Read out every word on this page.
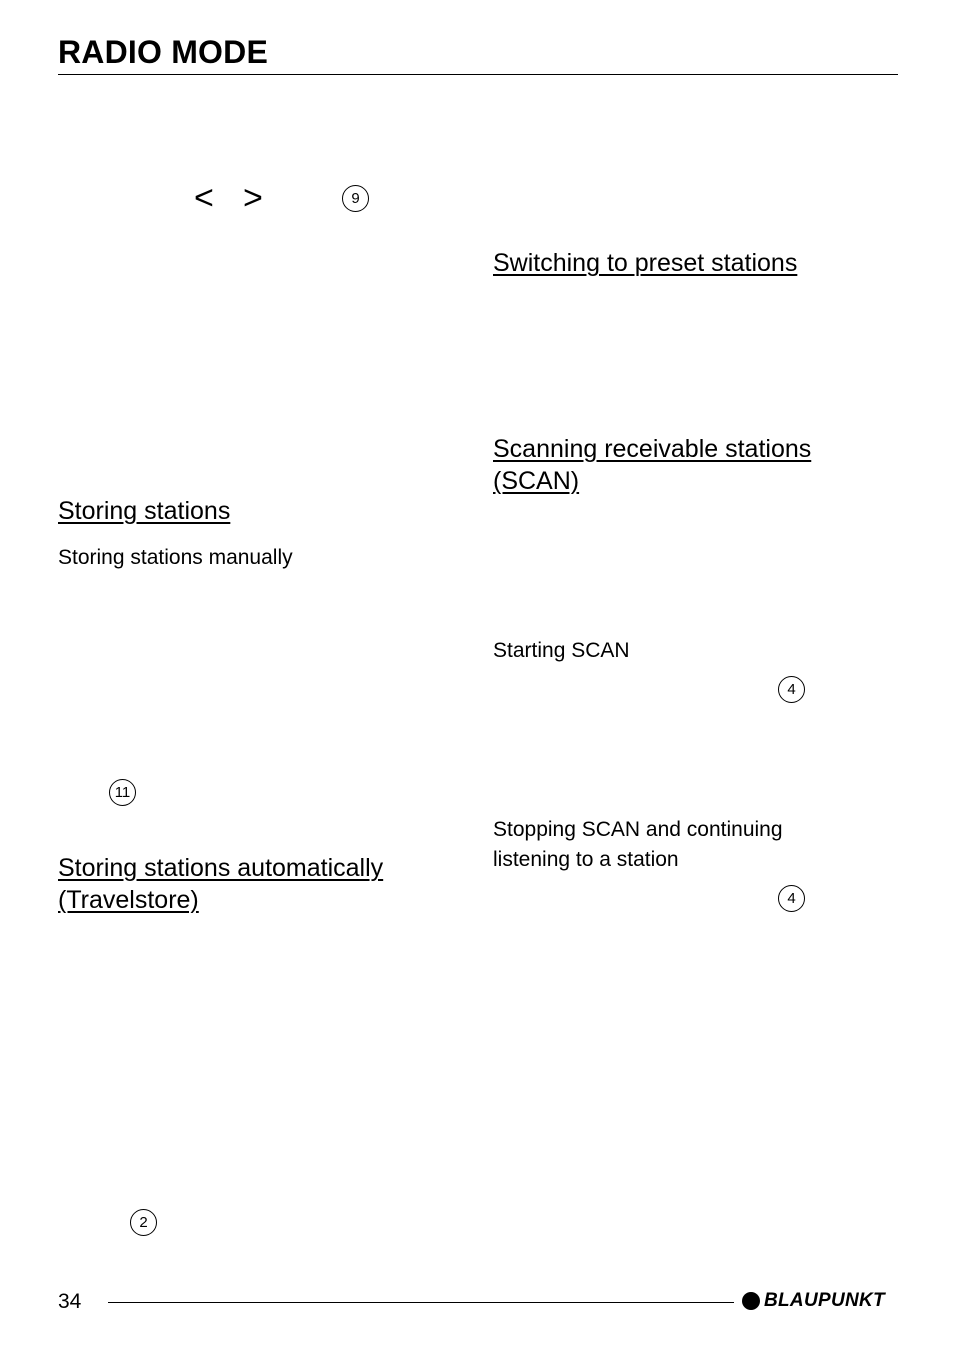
RADIO MODE
< >	9
Storing stations
Storing stations manually
11
Storing stations automatically
(Travelstore)
2
Switching to preset stations
Scanning receivable stations
(SCAN)
Starting SCAN
4
Stopping SCAN and continuing
listening to a station
4
34	BLAUPUNKT
